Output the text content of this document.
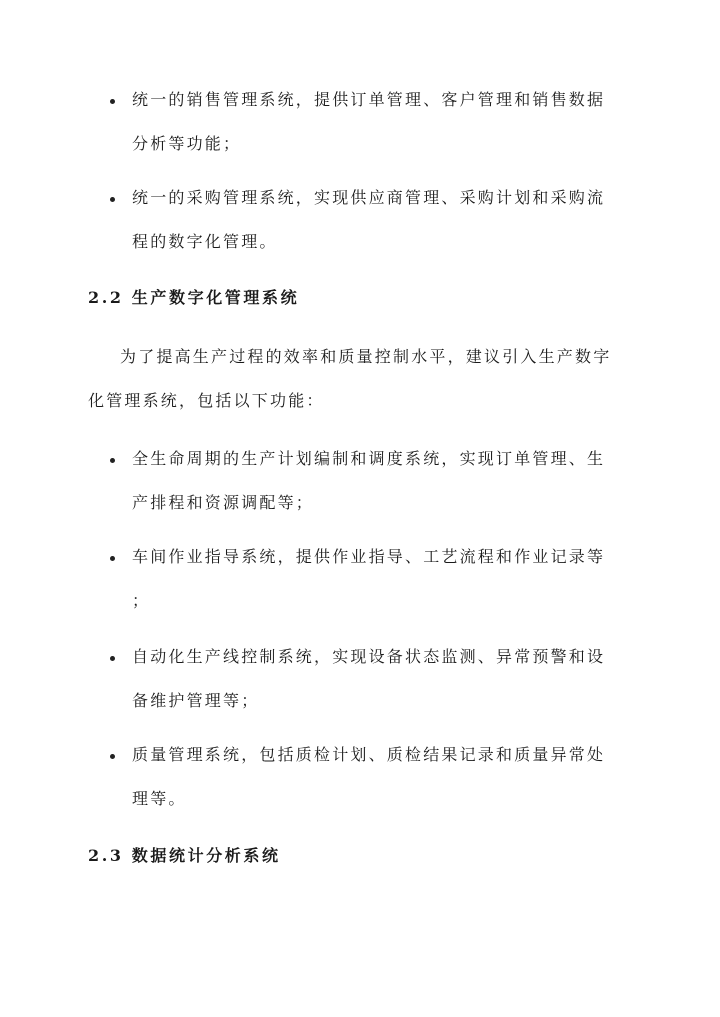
统一的销售管理系统，提供订单管理、客户管理和销售数据
分析等功能；
统一的采购管理系统，实现供应商管理、采购计划和采购流
程的数字化管理。
2.2 生产数字化管理系统
为了提高生产过程的效率和质量控制水平，建议引入生产数字
化管理系统，包括以下功能：
全生命周期的生产计划编制和调度系统，实现订单管理、生
产排程和资源调配等；
车间作业指导系统，提供作业指导、工艺流程和作业记录等
；
自动化生产线控制系统，实现设备状态监测、异常预警和设
备维护管理等；
质量管理系统，包括质检计划、质检结果记录和质量异常处
理等。
2.3 数据统计分析系统
